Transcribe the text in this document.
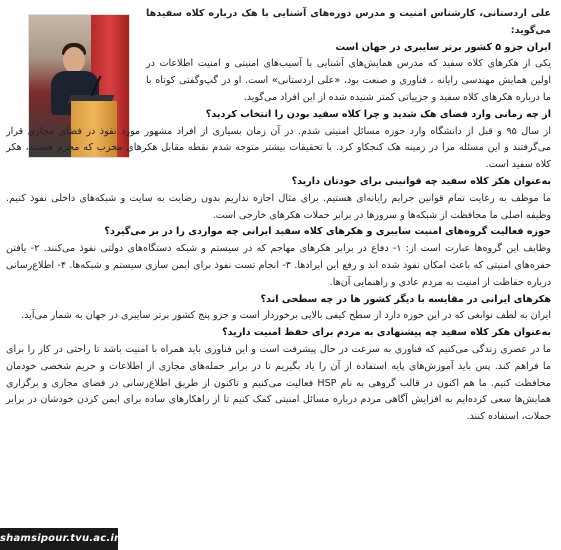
علی اردستانی، کارشناس امنیت و مدرس دوره‌های آشنایی با هک درباره کلاه سفیدها می‌گوید:

ایران جزو ۵ کشور برتر سایبری در جهان است

یکی از هکرهای کلاه سفید که مدرس همایش‌های آشنایی با آسیب‌های امنیتی و امنیت اطلاعات در اولین همایش مهندسی رایانه ، فناوری و صنعت بود، «علی اردستانی» است. او در گپ‌وگفتی کوتاه با ما درباره هکرهای کلاه سفید و جزییاتی کمتر شنیده شده از این افراد می‌گوید.

از چه زمانی وارد فضای هک شدید و چرا کلاه سفید بودن را انتخاب کردید؟

از سال ۹۵ و قبل از دانشگاه وارد حوزه مسائل امنیتی شدم. در آن زمان بسیاری از افراد مشهور مورد نفوذ در فضای مجازی قرار می‌گرفتند و این مسئله مرا در زمینه هک کنجکاو کرد. با تحقیقات بیشتر متوجه شدم نقطه مقابل هکرهای مخرب که مجرم هستند، هکر کلاه سفید است.

به‌عنوان هکر کلاه سفید چه قوانینی برای خودتان دارید؟

ما موظف به رعایت تمام قوانین جرایم رایانه‌ای هستیم. برای مثال اجازه نداریم بدون رضایت به سایت و شبکه‌های داخلی نفوذ کنیم. وظیفه اصلی ما محافظت از شبکه‌ها و سرورها در برابر حملات هکرهای خارجی است.

حوزه فعالیت گروه‌های امنیت سایبری و هکرهای کلاه سفید ایرانی چه مواردی را در بر می‌گیرد؟

وظایف این گروه‌ها عبارت است از: ۱- دفاع در برابر هکرهای مهاجم که در سیستم و شبکه دستگاه‌های دولتی نفوذ می‌کنند. ۲- یافتن حفره‌های امنیتی که باعث امکان نفوذ شده اند و رفع این ایرادها. ۳- انجام تست نفوذ برای ایمن سازی سیستم و شبکه‌ها. ۴- اطلاع‌رسانی درباره حفاظت از امنیت به مردم عادی و راهنمایی آن‌ها.

هکرهای ایرانی در مقایسه با دیگر کشور ها در چه سطحی اند؟

ایران به لطف نوابغی که در این حوزه دارد از سطح کیفی بالایی برخوردار است و جزو پنج کشور برتر سایبری در جهان به شمار می‌آید.

به‌عنوان هکر کلاه سفید چه پیشنهادی به مردم برای حفظ امنیت دارید؟

ما در عصری زندگی می‌کنیم که فناوری به سرعت در حال پیشرفت است و این فناوری باید همراه با امنیت باشد تا راحتی در کار را برای ما فراهم کند. پس باید آموزش‌های پایه استفاده از آن را یاد بگیریم تا در برابر حمله‌های مجازی از اطلاعات و حریم شخصی خودمان محافظت کنیم. ما هم اکنون در قالب گروهی به نام HSP فعالیت می‌کنیم و تاکنون از طریق اطلاع‌رسانی در فضای مجازی و برگزاری همایش‌ها سعی کرده‌ایم به افزایش آگاهی مردم درباره مسائل امنیتی کمک کنیم تا از راهکارهای ساده برای ایمن کردن خودشان در برابر حملات، استفاده کنند.

shamsipour.tvu.ac.ir
